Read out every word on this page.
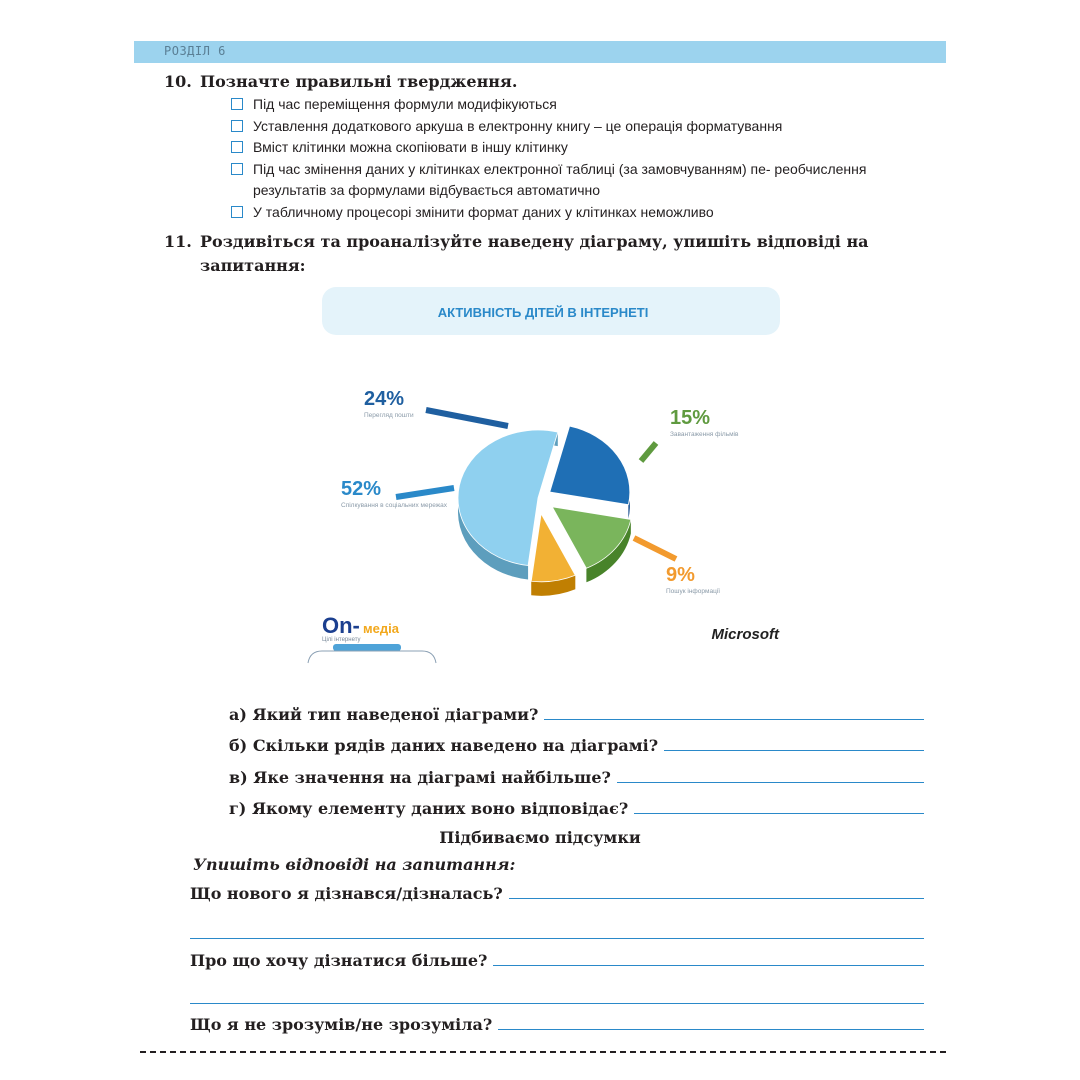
РОЗДІЛ 6
10. Позначте правильні твердження.
Під час переміщення формули модифікуються
Уставлення додаткового аркуша в електронну книгу – це операція форматування
Вміст клітинки можна скопіювати в іншу клітинку
Під час змінення даних у клітинках електронної таблиці (за замовчуванням) пе- реобчислення результатів за формулами відбувається автоматично
У табличному процесорі змінити формат даних у клітинках неможливо
11. Роздивіться та проаналізуйте наведену діаграму, упишіть відповіді на
запитання:
АКТИВНІСТЬ ДІТЕЙ В ІНТЕРНЕТІ
52%
Спілкування в соціальних мережах
24%
Перегляд пошти	15%
Завантаження фільмів
9%
Пошук інформації
On- медіа
Цілі інтернету	Microsoft
а) Який тип наведеної діаграми?
б) Скільки рядів даних наведено на діаграмі?
в) Яке значення на діаграмі найбільше?
г) Якому елементу даних воно відповідає?
Підбиваємо підсумки
Упишіть відповіді на запитання:
Що нового я дізнався/дізналась?
Про що хочу дізнатися більше?
Що я не зрозумів/не зрозуміла?
